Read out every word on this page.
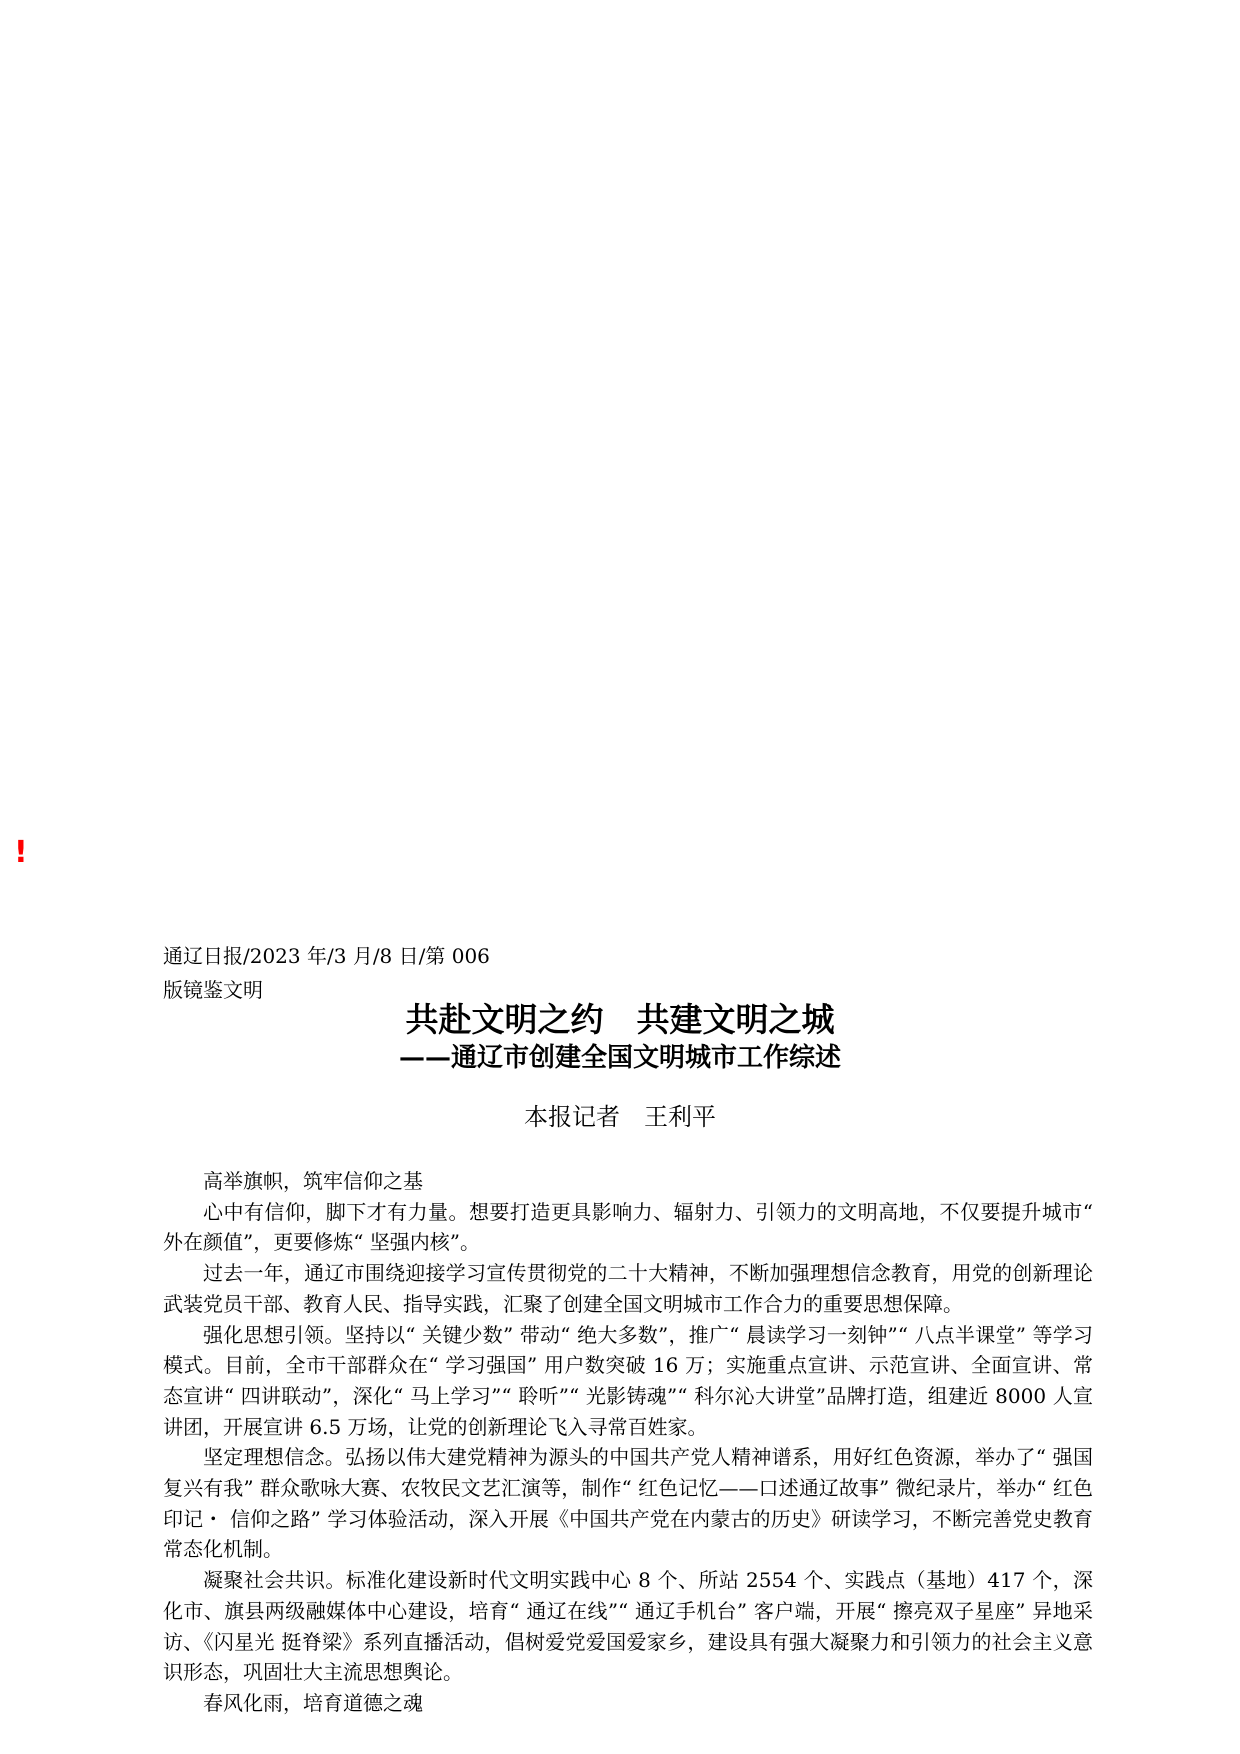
!
通辽日报/2023 年/3 月/8 日/第 006
版镜鉴文明
共赴文明之约　共建文明之城
——通辽市创建全国文明城市工作综述
本报记者　王利平

高举旗帜，筑牢信仰之基

心中有信仰，脚下才有力量。想要打造更具影响力、辐射力、引领力的文明高地，不仅要提升城市“ 外在颜值”，更要修炼“ 坚强内核”。

过去一年，通辽市围绕迎接学习宣传贯彻党的二十大精神，不断加强理想信念教育，用党的创新理论武装党员干部、教育人民、指导实践，汇聚了创建全国文明城市工作合力的重要思想保障。

强化思想引领。坚持以“ 关键少数” 带动“ 绝大多数”，推广“ 晨读学习一刻钟”“ 八点半课堂” 等学习模式。目前，全市干部群众在“ 学习强国” 用户数突破 16 万；实施重点宣讲、示范宣讲、全面宣讲、常态宣讲“ 四讲联动”，深化“ 马上学习”“ 聆听”“ 光影铸魂”“ 科尔沁大讲堂”品牌打造，组建近 8000 人宣讲团，开展宣讲 6.5 万场，让党的创新理论飞入寻常百姓家。

坚定理想信念。弘扬以伟大建党精神为源头的中国共产党人精神谱系，用好红色资源，举办了“ 强国复兴有我” 群众歌咏大赛、农牧民文艺汇演等，制作“ 红色记忆——口述通辽故事” 微纪录片，举办“ 红色印记・ 信仰之路” 学习体验活动，深入开展《中国共产党在内蒙古的历史》研读学习，不断完善党史教育常态化机制。

凝聚社会共识。标准化建设新时代文明实践中心 8 个、所站 2554 个、实践点（基地）417 个，深化市、旗县两级融媒体中心建设，培育“ 通辽在线”“ 通辽手机台” 客户端，开展“ 擦亮双子星座” 异地采访、《闪星光 挺脊梁》系列直播活动，倡树爱党爱国爱家乡，建设具有强大凝聚力和引领力的社会主义意识形态，巩固壮大主流思想舆论。

春风化雨，培育道德之魂
